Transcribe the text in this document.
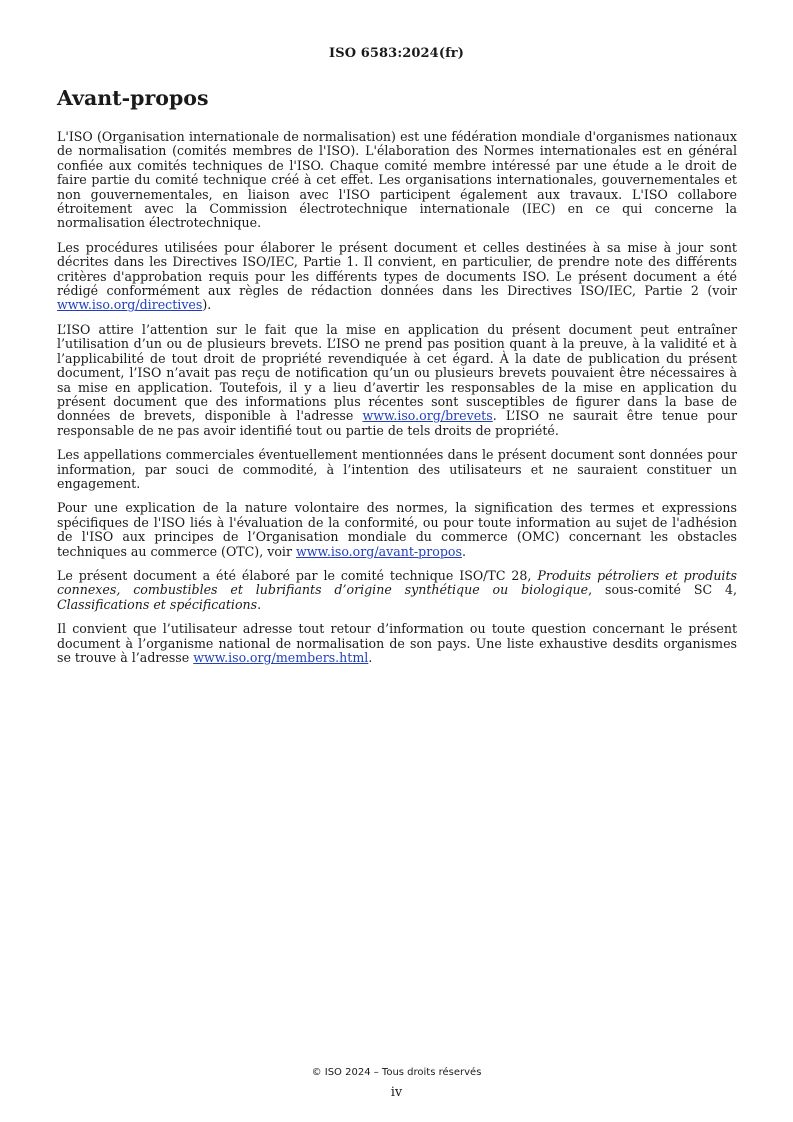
ISO 6583:2024(fr)
Avant-propos

L'ISO (Organisation internationale de normalisation) est une fédération mondiale d'organismes nationaux de normalisation (comités membres de l'ISO). L'élaboration des Normes internationales est en général confiée aux comités techniques de l'ISO. Chaque comité membre intéressé par une étude a le droit de faire partie du comité technique créé à cet effet. Les organisations internationales, gouvernementales et non gouvernementales, en liaison avec l'ISO participent également aux travaux. L'ISO collabore étroitement avec la Commission électrotechnique internationale (IEC) en ce qui concerne la normalisation électrotechnique.

Les procédures utilisées pour élaborer le présent document et celles destinées à sa mise à jour sont décrites dans les Directives ISO/IEC, Partie 1. Il convient, en particulier, de prendre note des différents critères d'approbation requis pour les différents types de documents ISO. Le présent document a été rédigé conformément aux règles de rédaction données dans les Directives ISO/IEC, Partie 2 (voir www.iso.org/directives).

L’ISO attire l’attention sur le fait que la mise en application du présent document peut entraîner l’utilisation d’un ou de plusieurs brevets. L’ISO ne prend pas position quant à la preuve, à la validité et à l’applicabilité de tout droit de propriété revendiquée à cet égard. À la date de publication du présent document, l’ISO n’avait pas reçu de notification qu’un ou plusieurs brevets pouvaient être nécessaires à sa mise en application. Toutefois, il y a lieu d’avertir les responsables de la mise en application du présent document que des informations plus récentes sont susceptibles de figurer dans la base de données de brevets, disponible à l'adresse www.iso.org/brevets. L’ISO ne saurait être tenue pour responsable de ne pas avoir identifié tout ou partie de tels droits de propriété.

Les appellations commerciales éventuellement mentionnées dans le présent document sont données pour information, par souci de commodité, à l’intention des utilisateurs et ne sauraient constituer un engagement.

Pour une explication de la nature volontaire des normes, la signification des termes et expressions spécifiques de l'ISO liés à l'évaluation de la conformité, ou pour toute information au sujet de l'adhésion de l'ISO aux principes de l’Organisation mondiale du commerce (OMC) concernant les obstacles techniques au commerce (OTC), voir www.iso.org/avant-propos.

Le présent document a été élaboré par le comité technique ISO/TC 28, Produits pétroliers et produits connexes, combustibles et lubrifiants d’origine synthétique ou biologique, sous-comité SC 4, Classifications et spécifications.

Il convient que l’utilisateur adresse tout retour d’information ou toute question concernant le présent document à l’organisme national de normalisation de son pays. Une liste exhaustive desdits organismes se trouve à l’adresse www.iso.org/members.html.

© ISO 2024 – Tous droits réservés
iv
